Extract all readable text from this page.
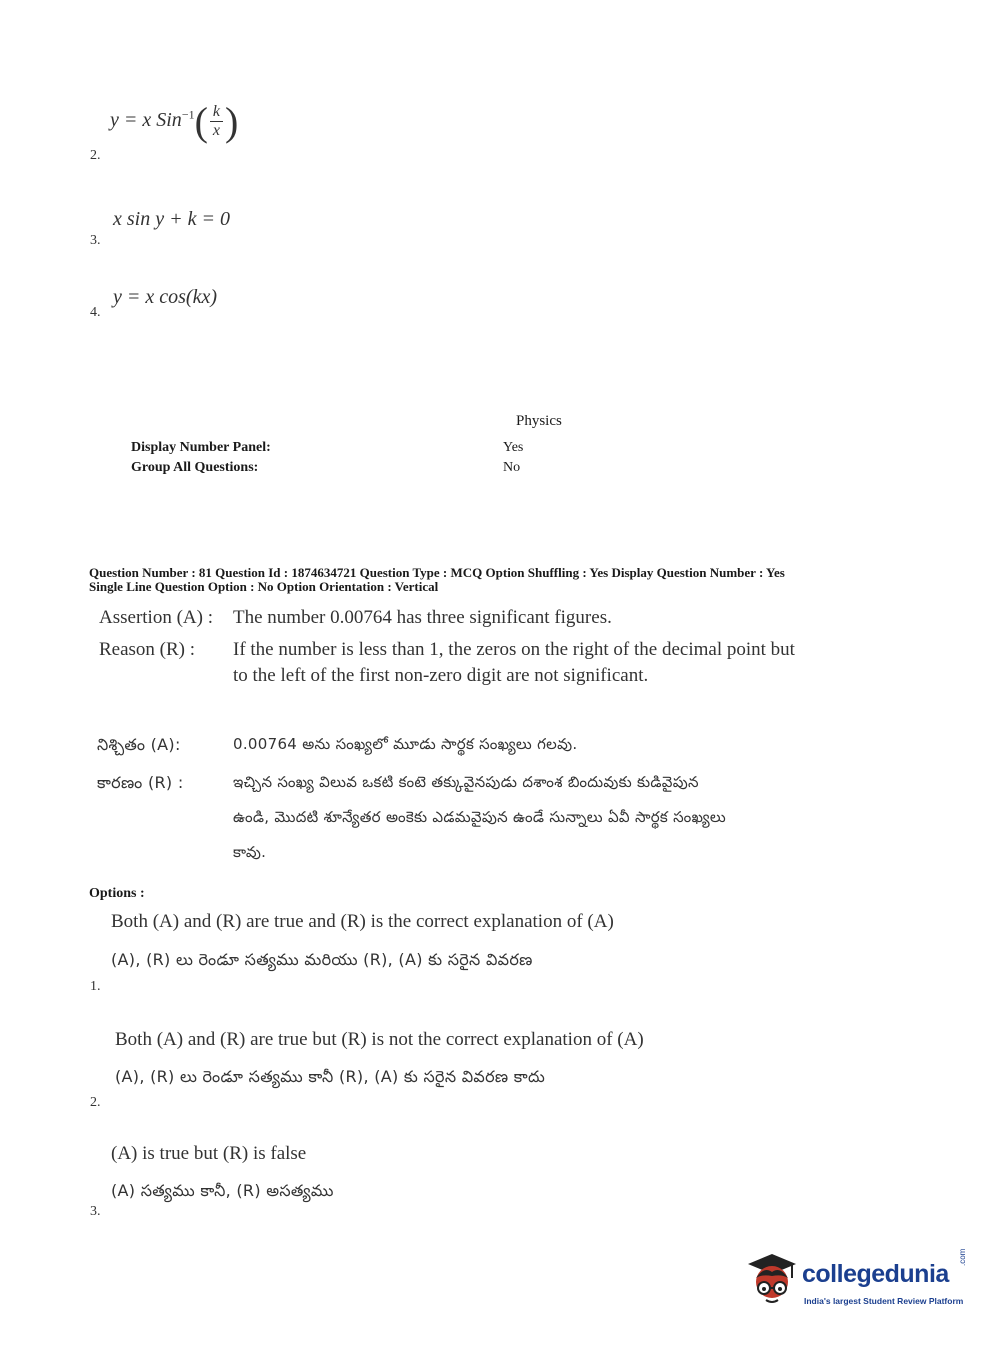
y = x $Sin^{-1}( \frac{k}{x}$ )
2.
x sin y + k = 0
3.
y = x cos(kx)
4.
Physics
Display Number Panel:	Yes
Group All Questions:	No
Question Number : 81 Question Id : 1874634721 Question Type : MCQ Option Shuffling : Yes Display Question Number : Yes
Single Line Question Option : No Option Orientation : Vertical
Assertion (A) : The number 0.00764 has three significant figures.
Reason (R) : If the number is less than 1, the zeros on the right of the decimal point but
to the left of the first non-zero digit are not significant.
నిశ్చితం (A):	0.00764 అను సంఖ్యలో మూడు సార్థక సంఖ్యలు గలవు.
కారణం (R) :	ఇచ్చిన సంఖ్య విలువ ఒకటి కంటె తక్కువైనపుడు దశాంశ బిందువుకు కుడివైపున
ఉండి, మొదటి శూన్యేతర అంకెకు ఎడమవైపున ఉండే సున్నాలు ఏవీ సార్థక సంఖ్యలు
కావు.
Options :
Both (A) and (R) are true and (R) is the correct explanation of (A)
(A), (R) లు రెండూ సత్యము మరియు (R), (A) కు సరైన వివరణ
1.
Both (A) and (R) are true but (R) is not the correct explanation of (A)
(A), (R) లు రెండూ సత్యము కానీ (R), (A) కు సరైన వివరణ కాదు
2.
(A) is true but (R) is false
(A) సత్యము కానీ, (R) అసత్యము
3.
collegedunia
.com
India's largest Student Review Platform
